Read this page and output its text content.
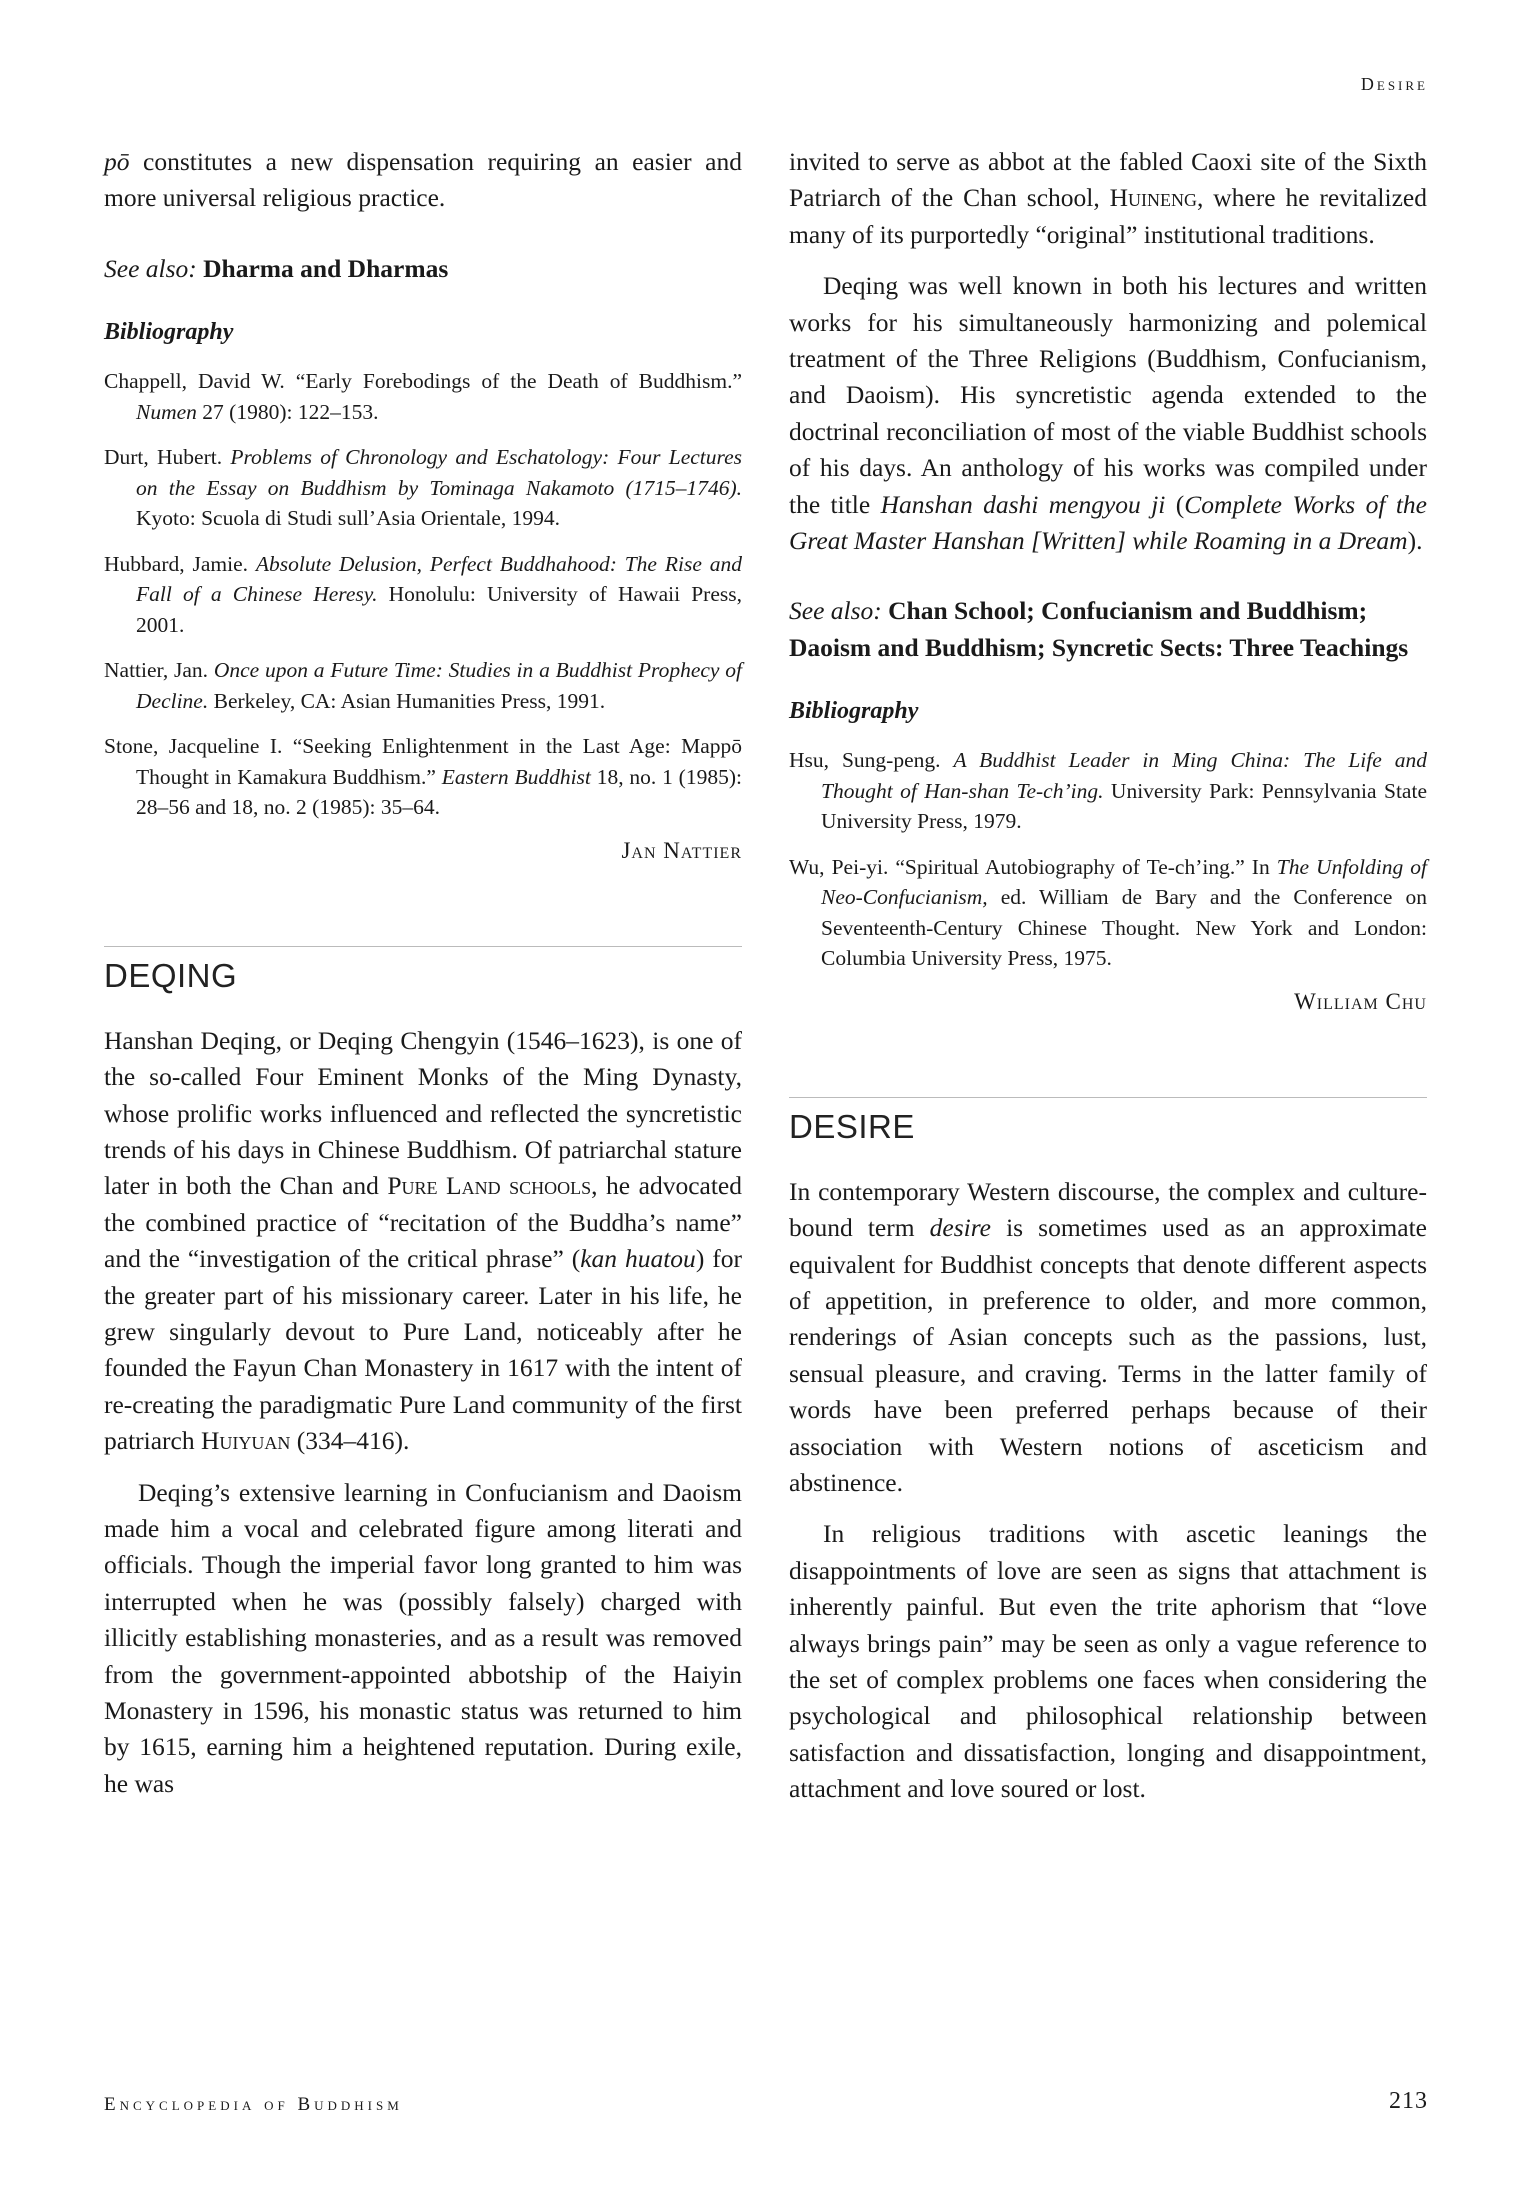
Desire

pō constitutes a new dispensation requiring an easier and more universal religious practice.

See also: Dharma and Dharmas
Bibliography
Chappell, David W. “Early Forebodings of the Death of Buddhism.” Numen 27 (1980): 122–153.
Durt, Hubert. Problems of Chronology and Eschatology: Four Lectures on the Essay on Buddhism by Tominaga Nakamoto (1715–1746). Kyoto: Scuola di Studi sull’Asia Orientale, 1994.
Hubbard, Jamie. Absolute Delusion, Perfect Buddhahood: The Rise and Fall of a Chinese Heresy. Honolulu: University of Hawaii Press, 2001.
Nattier, Jan. Once upon a Future Time: Studies in a Buddhist Prophecy of Decline. Berkeley, CA: Asian Humanities Press, 1991.
Stone, Jacqueline I. “Seeking Enlightenment in the Last Age: Mappō Thought in Kamakura Buddhism.” Eastern Buddhist 18, no. 1 (1985): 28–56 and 18, no. 2 (1985): 35–64.
Jan Nattier
DEQING

Hanshan Deqing, or Deqing Chengyin (1546–1623), is one of the so-called Four Eminent Monks of the Ming Dynasty, whose prolific works influenced and reflected the syncretistic trends of his days in Chinese Buddhism. Of patriarchal stature later in both the Chan and Pure Land schools, he advocated the combined practice of “recitation of the Buddha’s name” and the “investigation of the critical phrase” (kan huatou) for the greater part of his missionary career. Later in his life, he grew singularly devout to Pure Land, noticeably after he founded the Fayun Chan Monastery in 1617 with the intent of re-creating the paradigmatic Pure Land community of the first patriarch Huiyuan (334–416).

Deqing’s extensive learning in Confucianism and Daoism made him a vocal and celebrated figure among literati and officials. Though the imperial favor long granted to him was interrupted when he was (possibly falsely) charged with illicitly establishing monasteries, and as a result was removed from the government-appointed abbotship of the Haiyin Monastery in 1596, his monastic status was returned to him by 1615, earning him a heightened reputation. During exile, he was

invited to serve as abbot at the fabled Caoxi site of the Sixth Patriarch of the Chan school, Huineng, where he revitalized many of its purportedly “original” institutional traditions.

Deqing was well known in both his lectures and written works for his simultaneously harmonizing and polemical treatment of the Three Religions (Buddhism, Confucianism, and Daoism). His syncretistic agenda extended to the doctrinal reconciliation of most of the viable Buddhist schools of his days. An anthology of his works was compiled under the title Hanshan dashi mengyou ji (Complete Works of the Great Master Hanshan [Written] while Roaming in a Dream).

See also: Chan School; Confucianism and Buddhism; Daoism and Buddhism; Syncretic Sects: Three Teachings
Bibliography
Hsu, Sung-peng. A Buddhist Leader in Ming China: The Life and Thought of Han-shan Te-ch’ing. University Park: Pennsylvania State University Press, 1979.
Wu, Pei-yi. “Spiritual Autobiography of Te-ch’ing.” In The Unfolding of Neo-Confucianism, ed. William de Bary and the Conference on Seventeenth-Century Chinese Thought. New York and London: Columbia University Press, 1975.
William Chu
DESIRE

In contemporary Western discourse, the complex and culture-bound term desire is sometimes used as an approximate equivalent for Buddhist concepts that denote different aspects of appetition, in preference to older, and more common, renderings of Asian concepts such as the passions, lust, sensual pleasure, and craving. Terms in the latter family of words have been preferred perhaps because of their association with Western notions of asceticism and abstinence.

In religious traditions with ascetic leanings the disappointments of love are seen as signs that attachment is inherently painful. But even the trite aphorism that “love always brings pain” may be seen as only a vague reference to the set of complex problems one faces when considering the psychological and philosophical relationship between satisfaction and dissatisfaction, longing and disappointment, attachment and love soured or lost.

Encyclopedia of Buddhism	213
